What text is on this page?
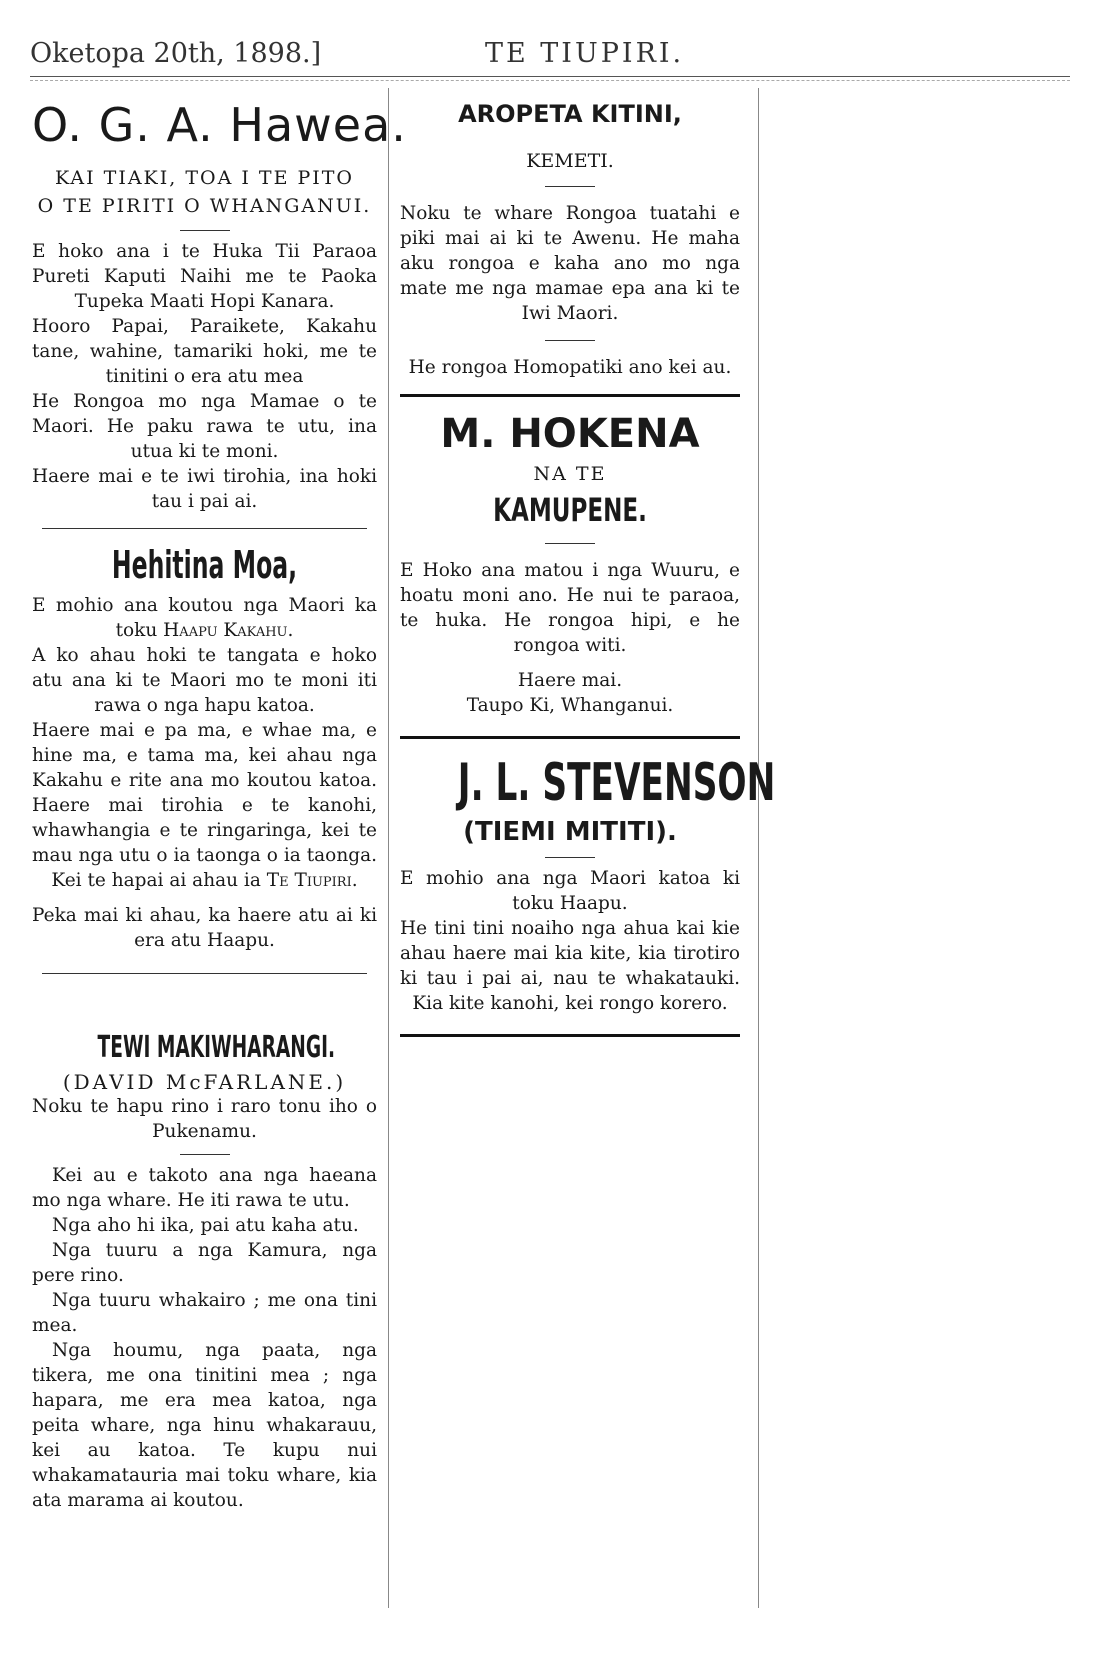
Oketopa 20th, 1898.]	TE TIUPIRI.
O. G. A. Hawea.
KAI TIAKI, TOA I TE PITO
O TE PIRITI O WHANGANUI.

E hoko ana i te Huka Tii Paraoa Pureti Kaputi Naihi me te Paoka Tupeka Maati Hopi Kanara.

Hooro Papai, Paraikete, Kakahu tane, wahine, tamariki hoki, me te tinitini o era atu mea

He Rongoa mo nga Mamae o te Maori. He paku rawa te utu, ina utua ki te moni.

Haere mai e te iwi tirohia, ina hoki tau i pai ai.

Hehitina Moa,

E mohio ana koutou nga Maori ka toku Haapu Kakahu.

A ko ahau hoki te tangata e hoko atu ana ki te Maori mo te moni iti rawa o nga hapu katoa.

Haere mai e pa ma, e whae ma, e hine ma, e tama ma, kei ahau nga Kakahu e rite ana mo koutou katoa. Haere mai tirohia e te kanohi, whawhangia e te ringaringa, kei te mau nga utu o ia taonga o ia taonga. Kei te hapai ai ahau ia Te Tiupiri.

Peka mai ki ahau, ka haere atu ai ki era atu Haapu.

TEWI MAKIWHARANGI.
(DAVID McFARLANE.)

Noku te hapu rino i raro tonu iho o Pukenamu.

Kei au e takoto ana nga haeana mo nga whare. He iti rawa te utu.

Nga aho hi ika, pai atu kaha atu.

Nga tuuru a nga Kamura, nga pere rino.

Nga tuuru whakairo ; me ona tini mea.

Nga houmu, nga paata, nga tikera, me ona tinitini mea ; nga hapara, me era mea katoa, nga peita whare, nga hinu whakarauu, kei au katoa. Te kupu nui whakamatauria mai toku whare, kia ata marama ai koutou.

AROPETA KITINI,
KEMETI.

Noku te whare Rongoa tuatahi e piki mai ai ki te Awenu. He maha aku rongoa e kaha ano mo nga mate me nga mamae epa ana ki te Iwi Maori.

He rongoa Homopatiki ano kei au.

M. HOKENA
NA TE
KAMUPENE.

E Hoko ana matou i nga Wuuru, e hoatu moni ano. He nui te paraoa, te huka. He rongoa hipi, e he rongoa witi.

Haere mai.

Taupo Ki, Whanganui.

J. L. STEVENSON
(TIEMI MITITI).

E mohio ana nga Maori katoa ki toku Haapu.

He tini tini noaiho nga ahua kai kie ahau haere mai kia kite, kia tirotiro ki tau i pai ai, nau te whakatauki. Kia kite kanohi, kei rongo korero.
